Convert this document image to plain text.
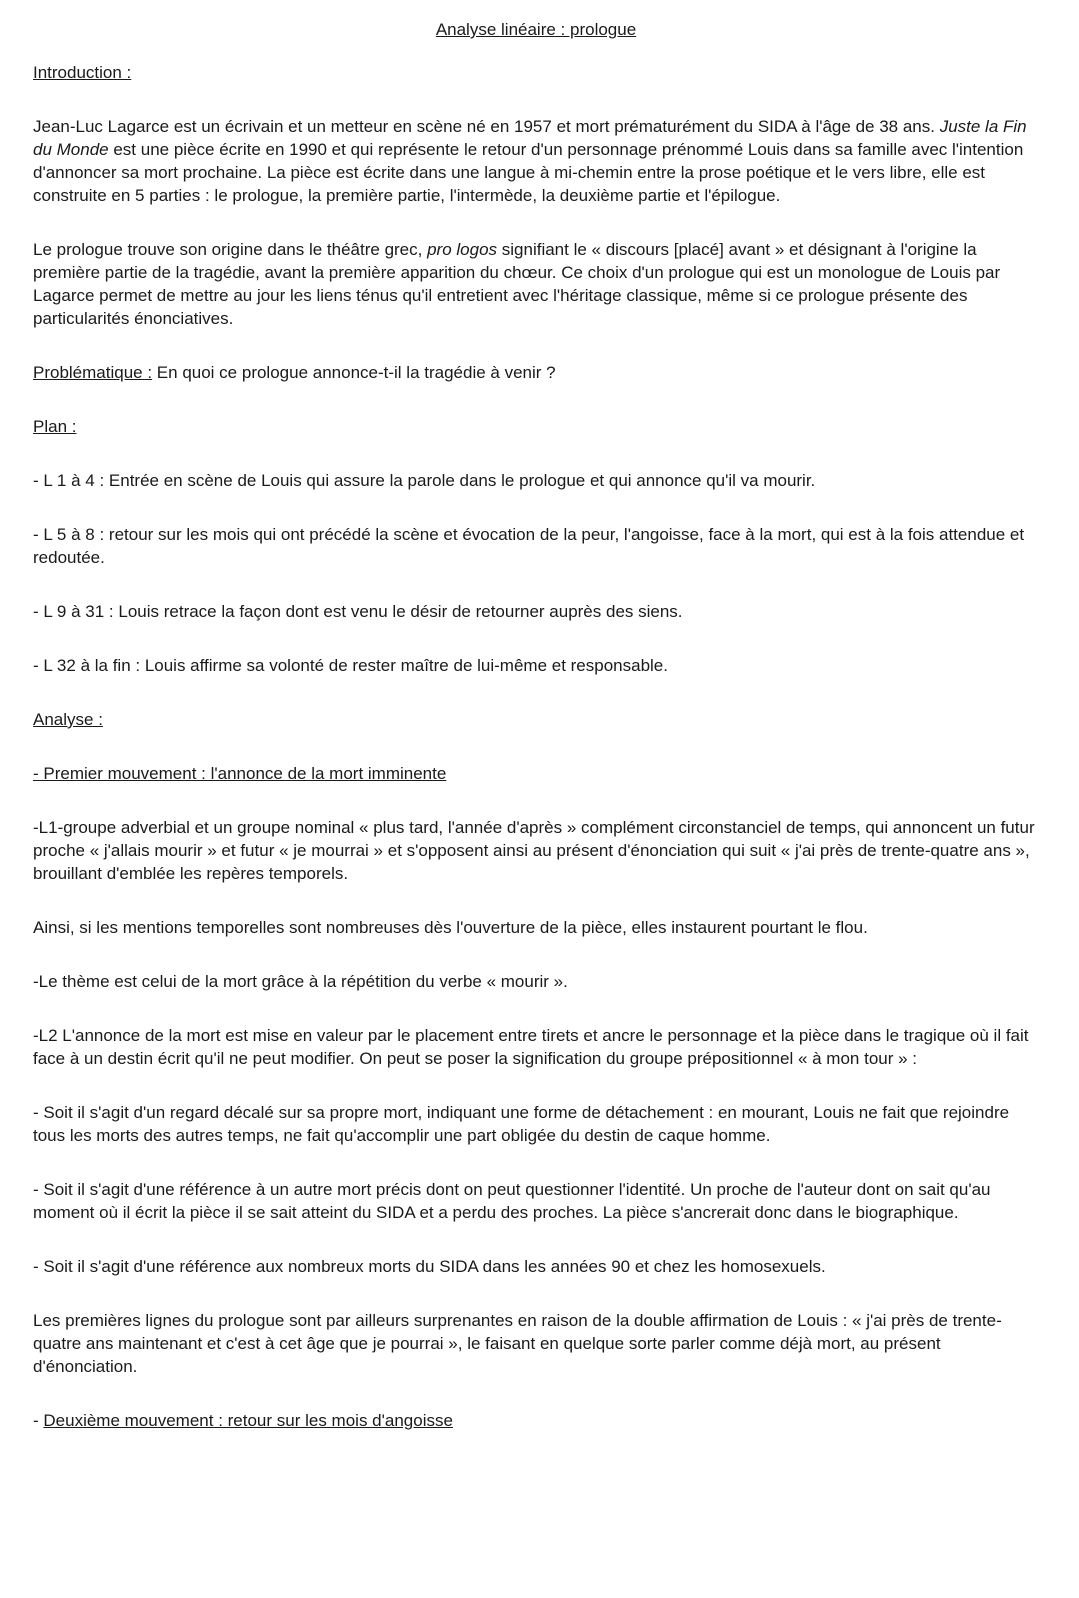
Analyse linéaire : prologue

Introduction :

Jean-Luc Lagarce est un écrivain et un metteur en scène né en 1957 et mort prématurément du SIDA à l'âge de 38 ans. Juste la Fin du Monde est une pièce écrite en 1990 et qui représente le retour d'un personnage prénommé Louis dans sa famille avec l'intention d'annoncer sa mort prochaine. La pièce est écrite dans une langue à mi-chemin entre la prose poétique et le vers libre, elle est construite en 5 parties : le prologue, la première partie, l'intermède, la deuxième partie et l'épilogue.

Le prologue trouve son origine dans le théâtre grec, pro logos signifiant le « discours [placé] avant » et désignant à l'origine la première partie de la tragédie, avant la première apparition du chœur. Ce choix d'un prologue qui est un monologue de Louis par Lagarce permet de mettre au jour les liens ténus qu'il entretient avec l'héritage classique, même si ce prologue présente des particularités énonciatives.

Problématique : En quoi ce prologue annonce-t-il la tragédie à venir ?

Plan :

- L 1 à 4 : Entrée en scène de Louis qui assure la parole dans le prologue et qui annonce qu'il va mourir.

- L 5 à 8 : retour sur les mois qui ont précédé la scène et évocation de la peur, l'angoisse, face à la mort, qui est à la fois attendue et redoutée.

- L 9 à 31 : Louis retrace la façon dont est venu le désir de retourner auprès des siens.

- L 32 à la fin : Louis affirme sa volonté de rester maître de lui-même et responsable.

Analyse :

- Premier mouvement : l'annonce de la mort imminente

-L1-groupe adverbial et un groupe nominal « plus tard, l'année d'après » complément circonstanciel de temps, qui annoncent un futur proche « j'allais mourir » et futur « je mourrai » et s'opposent ainsi au présent d'énonciation qui suit « j'ai près de trente-quatre ans », brouillant d'emblée les repères temporels.

Ainsi, si les mentions temporelles sont nombreuses dès l'ouverture de la pièce, elles instaurent pourtant le flou.

-Le thème est celui de la mort grâce à la répétition du verbe « mourir ».

-L2 L'annonce de la mort est mise en valeur par le placement entre tirets et ancre le personnage et la pièce dans le tragique où il fait face à un destin écrit qu'il ne peut modifier. On peut se poser la signification du groupe prépositionnel « à mon tour » :

- Soit il s'agit d'un regard décalé sur sa propre mort, indiquant une forme de détachement : en mourant, Louis ne fait que rejoindre tous les morts des autres temps, ne fait qu'accomplir une part obligée du destin de caque homme.

- Soit il s'agit d'une référence à un autre mort précis dont on peut questionner l'identité. Un proche de l'auteur dont on sait qu'au moment où il écrit la pièce il se sait atteint du SIDA et a perdu des proches. La pièce s'ancrerait donc dans le biographique.

- Soit il s'agit d'une référence aux nombreux morts du SIDA dans les années 90 et chez les homosexuels.

Les premières lignes du prologue sont par ailleurs surprenantes en raison de la double affirmation de Louis : « j'ai près de trente-quatre ans maintenant et c'est à cet âge que je pourrai », le faisant en quelque sorte parler comme déjà mort, au présent d'énonciation.

- Deuxième mouvement : retour sur les mois d'angoisse
